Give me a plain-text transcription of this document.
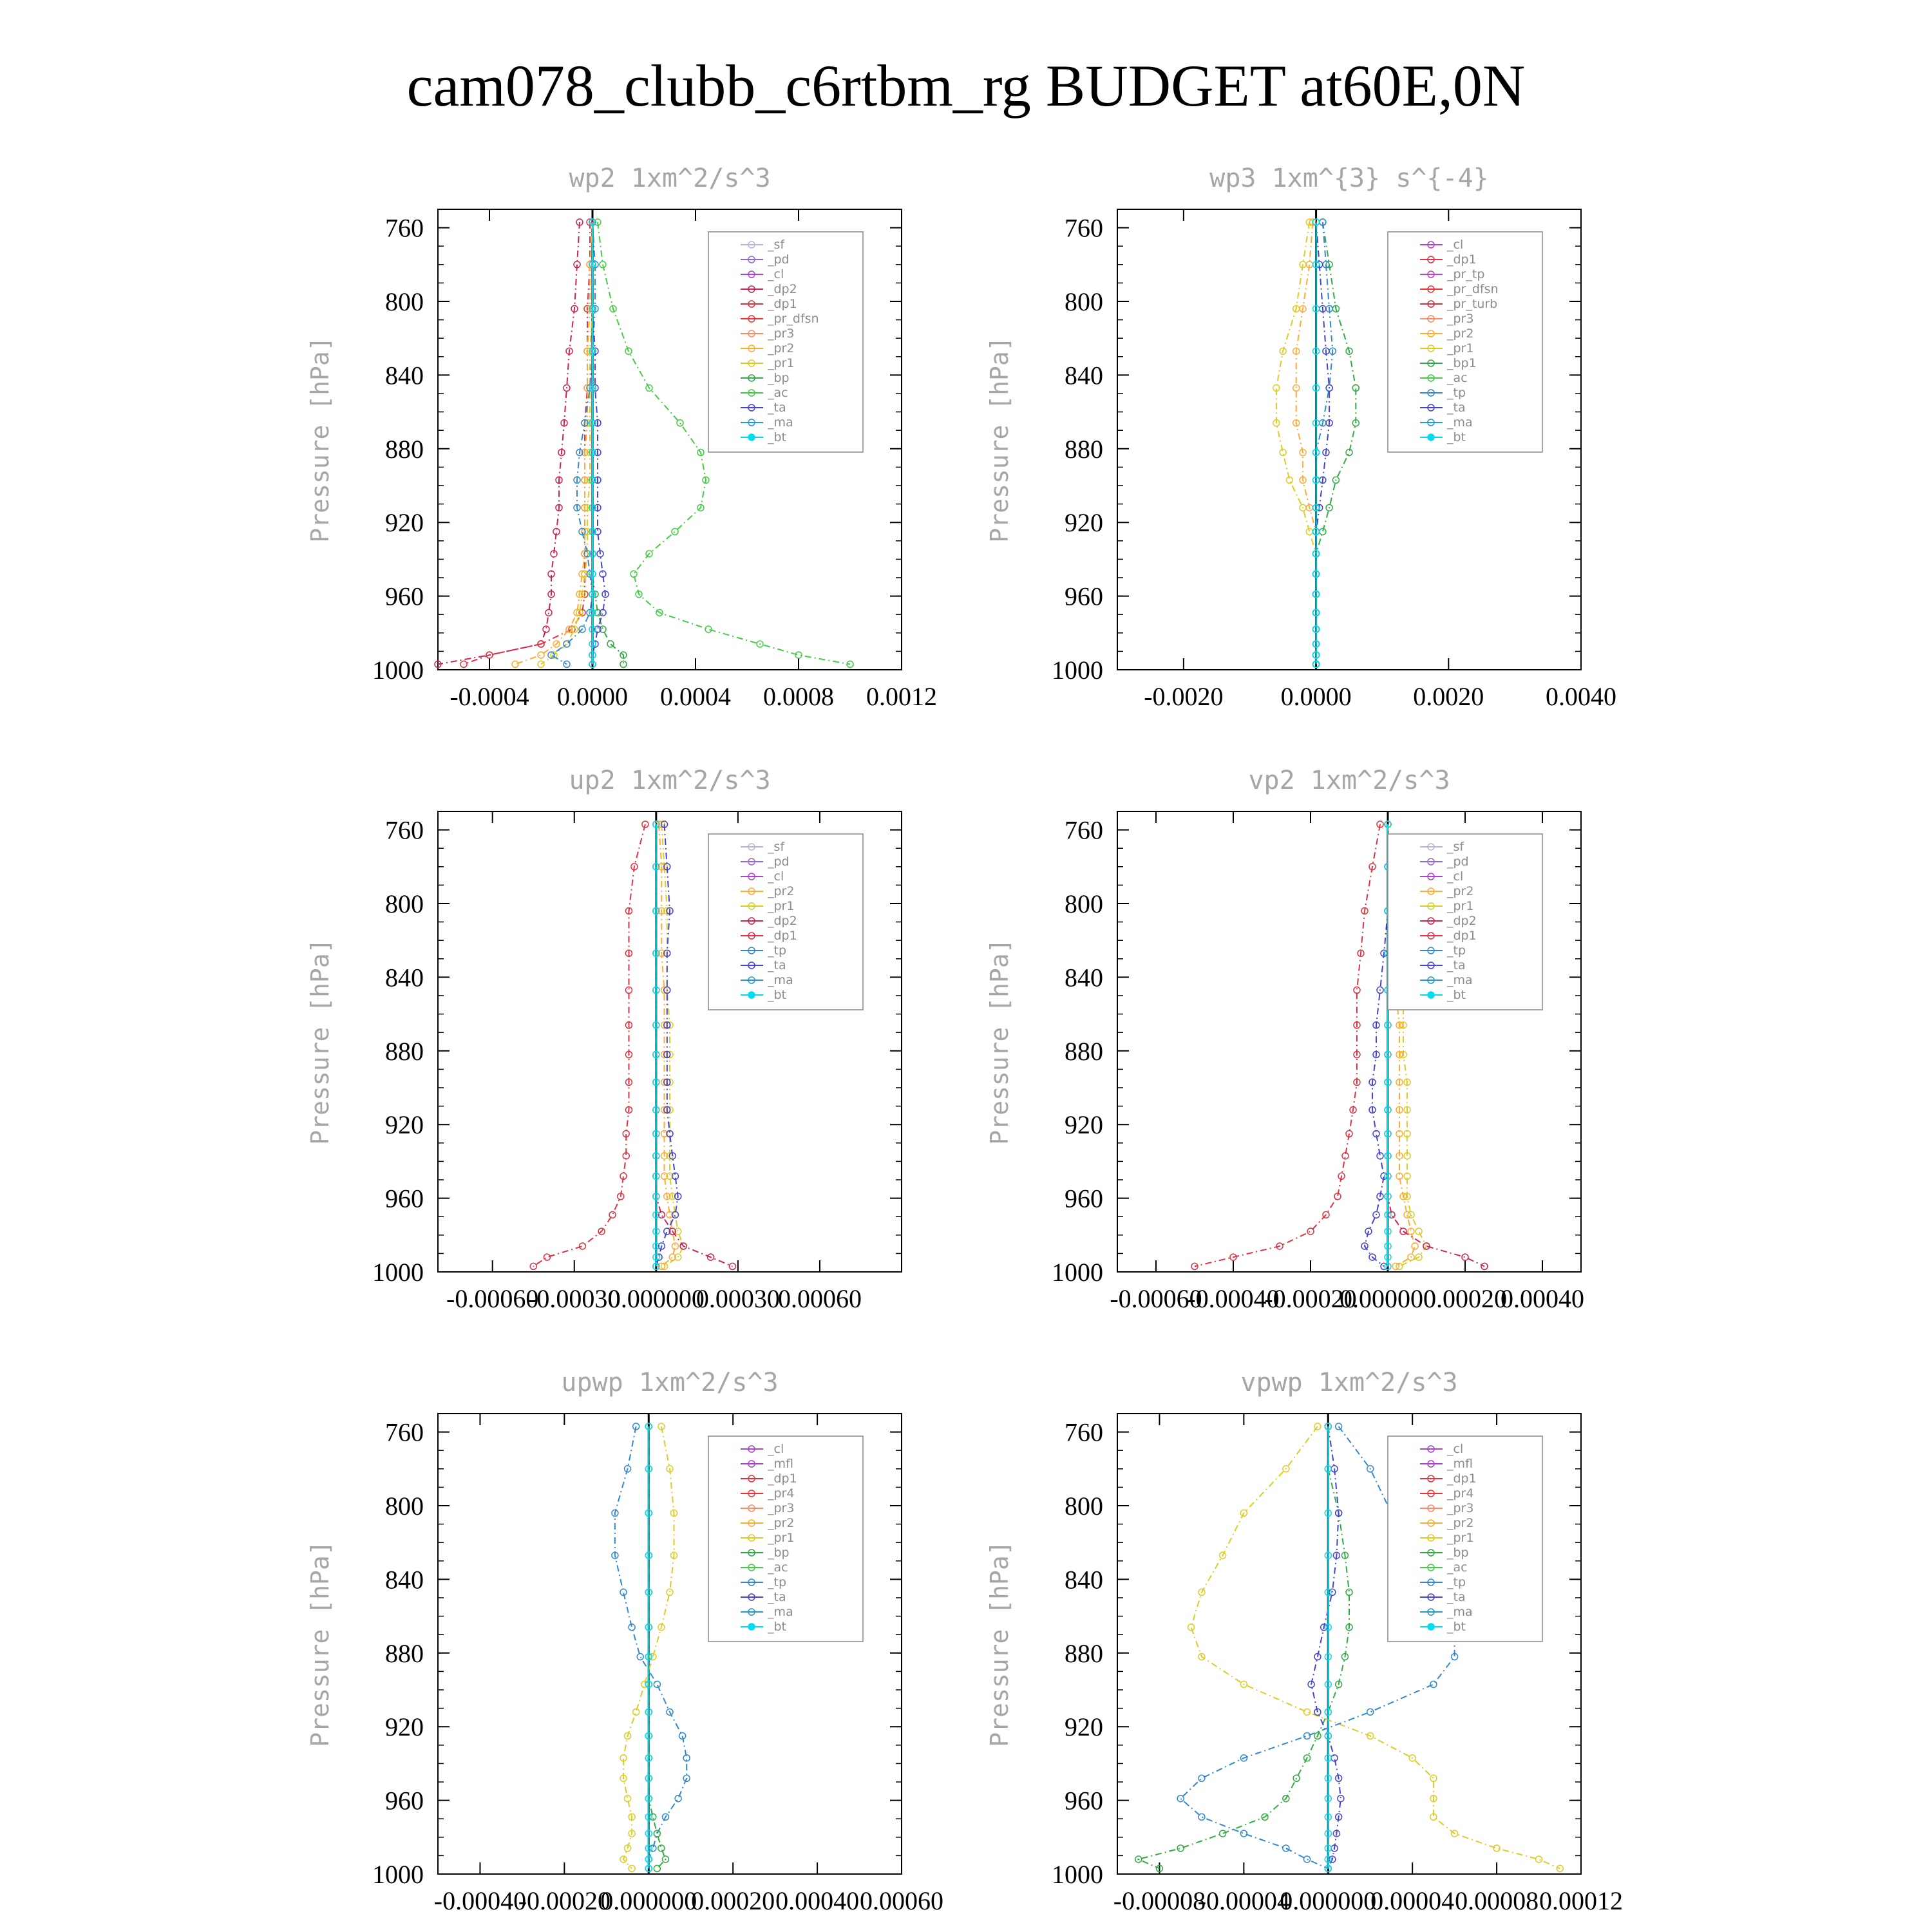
cam078_clubb_c6rtbm_rg BUDGET at60E,0N
wp2 1xm^2/s^3
Pressure [hPa]
760
800
840
880
920
960
1000
-0.0004 0.0000 0.0004 0.0008 0.0012
_sf
_pd
_cl
_dp2
_dp1
_pr_dfsn
_pr3
_pr2
_pr1
_bp
_ac
_ta
_ma
_bt
wp3 1xm^{3} s^{-4}
Pressure [hPa]
760
800
840
880
920
960
1000
-0.0020 0.0000 0.0020 0.0040
_cl
_dp1
_pr_tp
_pr_dfsn
_pr_turb
_pr3
_pr2
_pr1
_bp1
_ac
_tp
_ta
_ma
_bt
up2 1xm^2/s^3
Pressure [hPa]
760
800
840
880
920
960
1000
-0.00060
-0.00030
0.000000
0.00030
0.00060
_sf
_pd
_cl
_pr2
_pr1
_dp2
_dp1
_tp
_ta
_ma
_bt
vp2 1xm^2/s^3
Pressure [hPa]
760
800
840
880
920
960
1000
-0.00060
-0.00040
-0.00020
0.000000
0.00020
0.00040
_sf
_pd
_cl
_pr2
_pr1
_dp2
_dp1
_tp
_ta
_ma
_bt
upwp 1xm^2/s^3
Pressure [hPa]
760
800
840
880
920
960
1000
-0.00040
-0.00020
0.000000
0.00020 0.00040 0.00060
_cl
_mfl
_dp1
_pr4
_pr3
_pr2
_pr1
_bp
_ac
_tp
_ta
_ma
_bt
vpwp 1xm^2/s^3
Pressure [hPa]
760
800
840
880
920
960
1000
-0.00008
-0.00004
0.000000
0.00004 0.00008 0.00012
_cl
_mfl
_dp1
_pr4
_pr3
_pr2
_pr1
_bp
_ac
_tp
_ta
_ma
_bt
